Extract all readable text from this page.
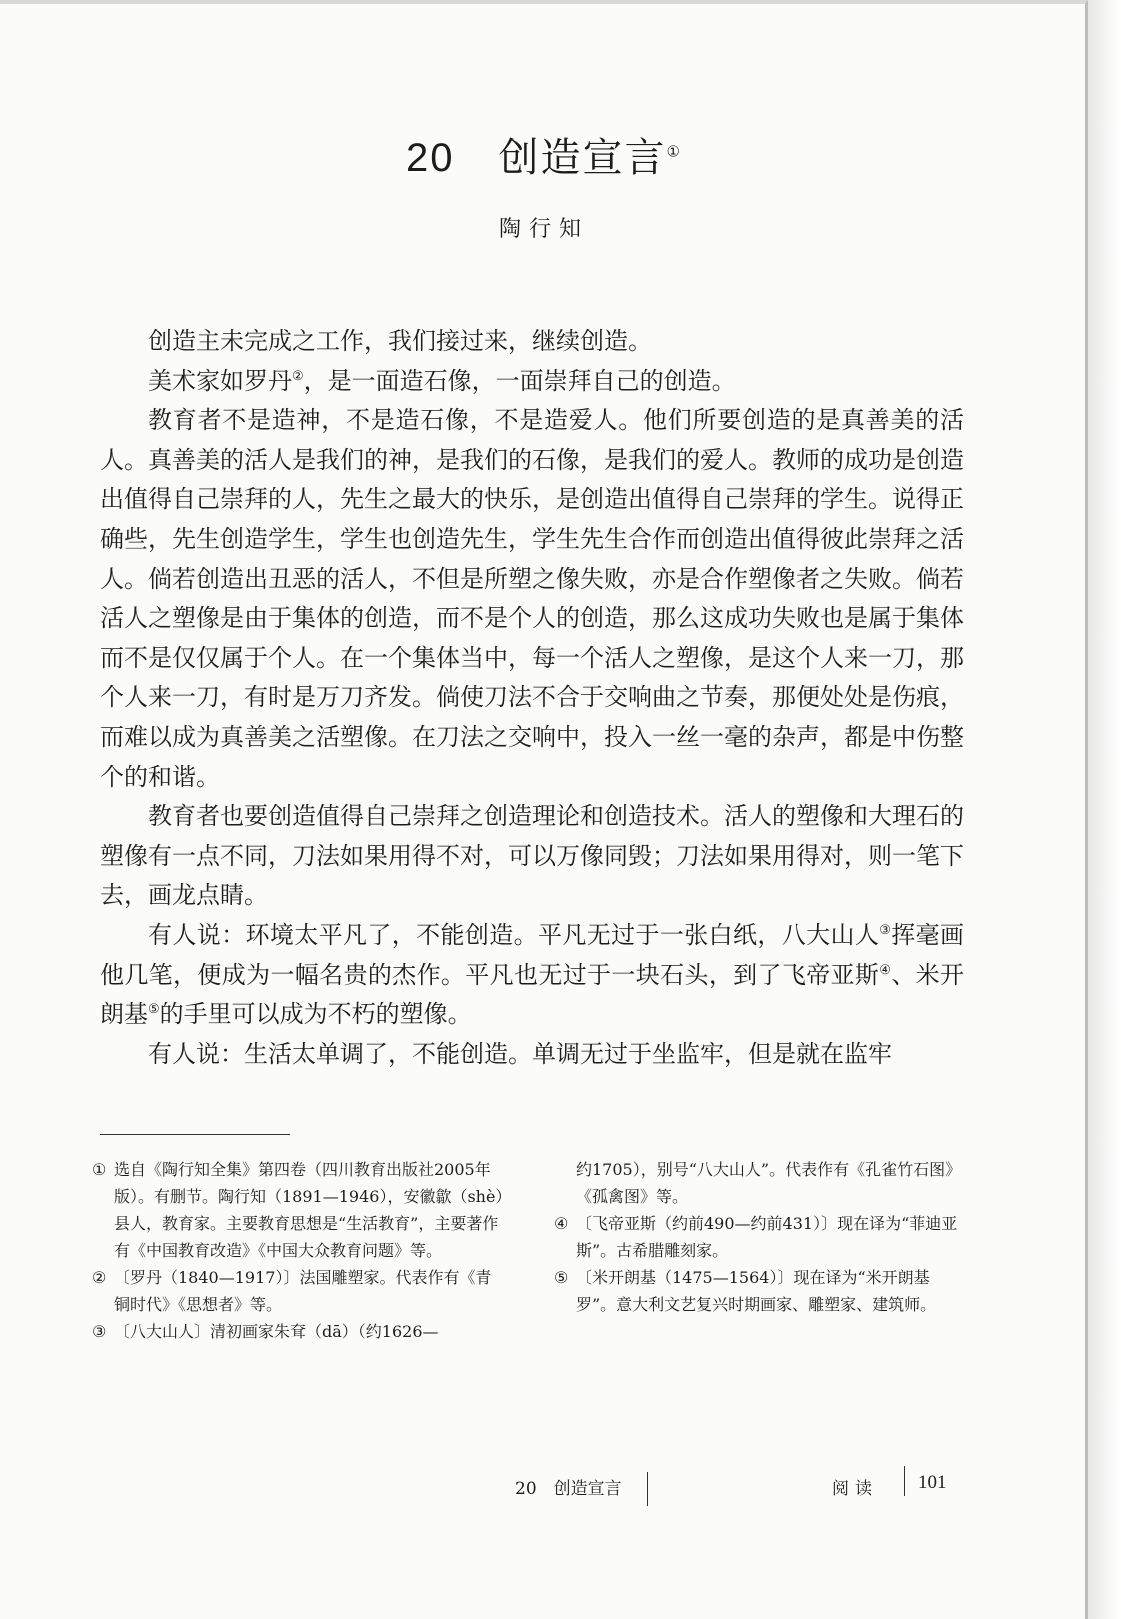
20 创造宣言①
陶行知

创造主未完成之工作，我们接过来，继续创造。

美术家如罗丹②，是一面造石像，一面崇拜自己的创造。

教育者不是造神，不是造石像，不是造爱人。他们所要创造的是真善美的活人。真善美的活人是我们的神，是我们的石像，是我们的爱人。教师的成功是创造出值得自己崇拜的人，先生之最大的快乐，是创造出值得自己崇拜的学生。说得正确些，先生创造学生，学生也创造先生，学生先生合作而创造出值得彼此崇拜之活人。倘若创造出丑恶的活人，不但是所塑之像失败，亦是合作塑像者之失败。倘若活人之塑像是由于集体的创造，而不是个人的创造，那么这成功失败也是属于集体而不是仅仅属于个人。在一个集体当中，每一个活人之塑像，是这个人来一刀，那个人来一刀，有时是万刀齐发。倘使刀法不合于交响曲之节奏，那便处处是伤痕，而难以成为真善美之活塑像。在刀法之交响中，投入一丝一毫的杂声，都是中伤整个的和谐。

教育者也要创造值得自己崇拜之创造理论和创造技术。活人的塑像和大理石的塑像有一点不同，刀法如果用得不对，可以万像同毁；刀法如果用得对，则一笔下去，画龙点睛。

有人说：环境太平凡了，不能创造。平凡无过于一张白纸，八大山人③挥毫画他几笔，便成为一幅名贵的杰作。平凡也无过于一块石头，到了飞帝亚斯④、米开朗基⑤的手里可以成为不朽的塑像。

有人说：生活太单调了，不能创造。单调无过于坐监牢，但是就在监牢

① 选自《陶行知全集》第四卷（四川教育出版社2005年版）。有删节。陶行知（1891—1946），安徽歙（shè）县人，教育家。主要教育思想是“生活教育”，主要著作有《中国教育改造》《中国大众教育问题》等。

② 〔罗丹（1840—1917）〕法国雕塑家。代表作有《青铜时代》《思想者》等。

③ 〔八大山人〕清初画家朱耷（dā）（约1626—

约1705），别号“八大山人”。代表作有《孔雀竹石图》《孤禽图》等。

④ 〔飞帝亚斯（约前490—约前431）〕现在译为“菲迪亚斯”。古希腊雕刻家。

⑤ 〔米开朗基（1475—1564）〕现在译为“米开朗基罗”。意大利文艺复兴时期画家、雕塑家、建筑师。

20　创造宣言	阅读 101
